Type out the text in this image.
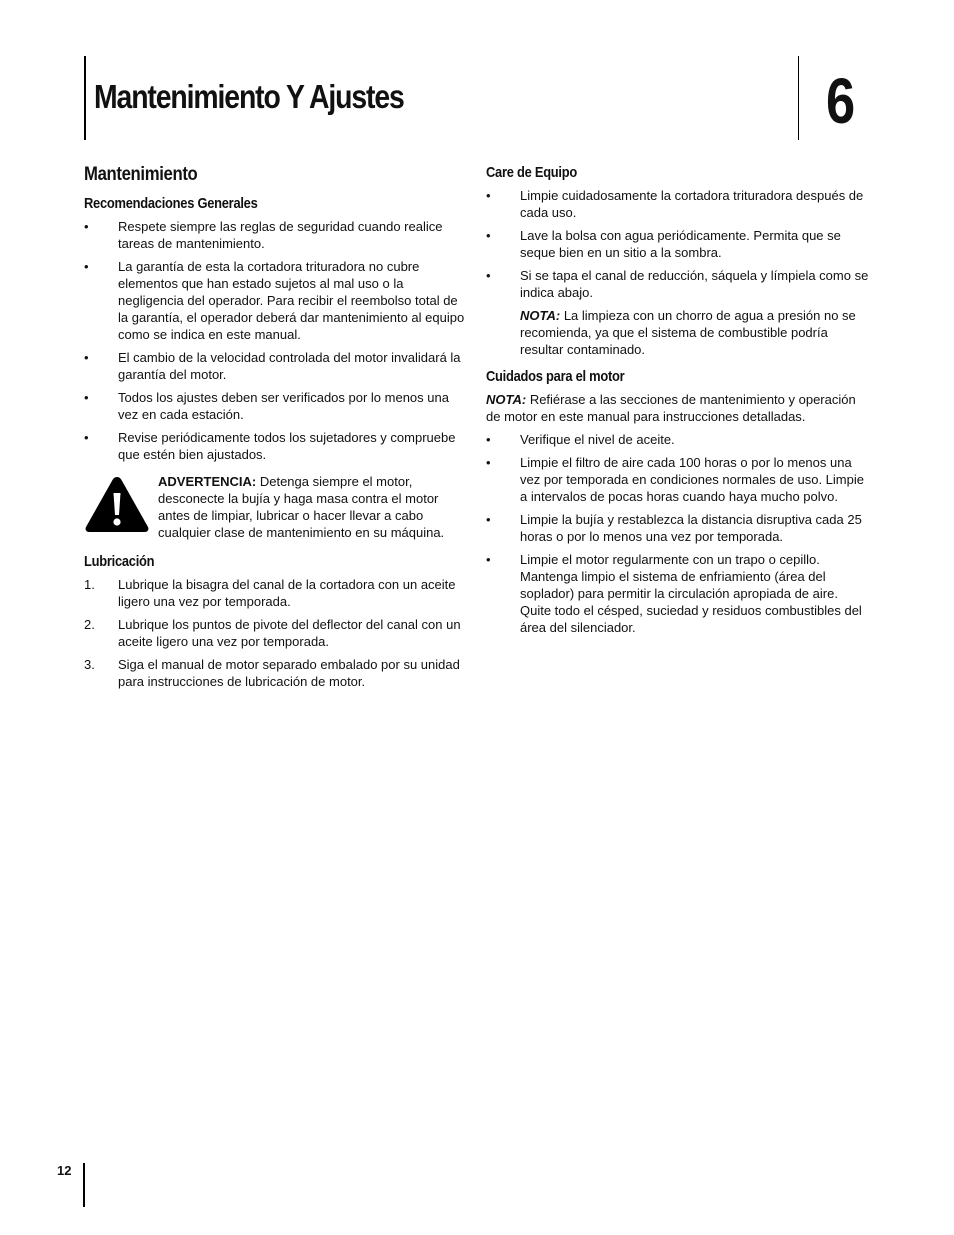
Mantenimiento Y Ajustes	6
Mantenimiento
Recomendaciones Generales
•	Respete siempre las reglas de seguridad cuando realice tareas de mantenimiento.
•	La garantía de esta la cortadora trituradora no cubre elementos que han estado sujetos al mal uso o la negligencia del operador. Para recibir el reembolso total de la garantía, el operador deberá dar mantenimiento al equipo como se indica en este manual.
•	El cambio de la velocidad controlada del motor invalidará la garantía del motor.
•	Todos los ajustes deben ser verificados por lo menos una vez en cada estación.
•	Revise periódicamente todos los sujetadores y compruebe que estén bien ajustados.
ADVERTENCIA: Detenga siempre el motor, desconecte la bujía y haga masa contra el motor antes de limpiar, lubricar o hacer llevar a cabo cualquier clase de mantenimiento en su máquina.
Lubricación
1.	Lubrique la bisagra del canal de la cortadora con un aceite ligero una vez por temporada.
2.	Lubrique los puntos de pivote del deflector del canal con un aceite ligero una vez por temporada.
3.	Siga el manual de motor separado embalado por su unidad para instrucciones de lubricación de motor.
Care de Equipo
•	Limpie cuidadosamente la cortadora trituradora después de cada uso.
•	Lave la bolsa con agua periódicamente. Permita que se seque bien en un sitio a la sombra.
•	Si se tapa el canal de reducción, sáquela y límpiela como se indica abajo.

NOTA: La limpieza con un chorro de agua a presión no se recomienda, ya que el sistema de combustible podría resultar contaminado.

Cuidados para el motor

NOTA: Refiérase a las secciones de mantenimiento y operación de motor en este manual para instrucciones detalladas.

•	Verifique el nivel de aceite.
•	Limpie el filtro de aire cada 100 horas o por lo menos una vez por temporada en condiciones normales de uso. Limpie a intervalos de pocas horas cuando haya mucho polvo.
•	Limpie la bujía y restablezca la distancia disruptiva cada 25 horas o por lo menos una vez por temporada.
•	Limpie el motor regularmente con un trapo o cepillo. Mantenga limpio el sistema de enfriamiento (área del soplador) para permitir la circulación apropiada de aire. Quite todo el césped, suciedad y residuos combustibles del área del silenciador.
12
